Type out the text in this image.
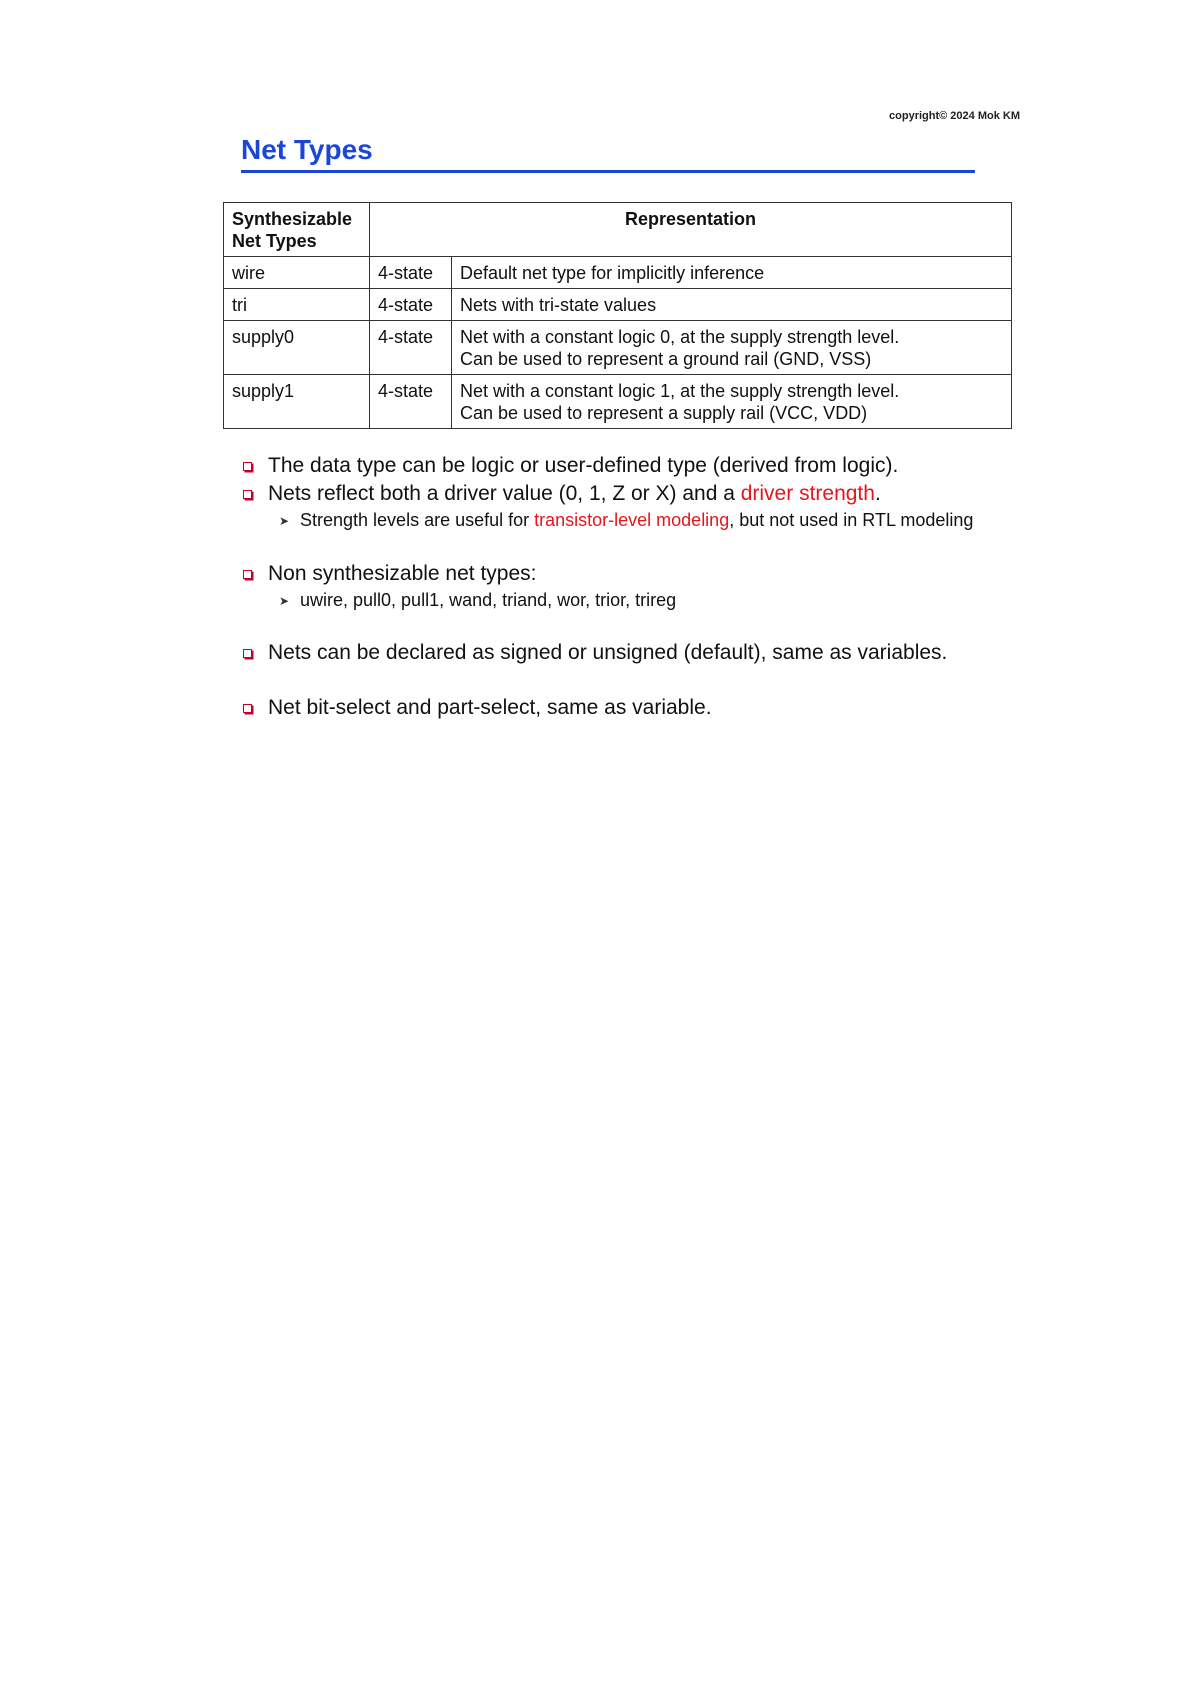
copyright© 2024 Mok KM
Net Types
Synthesizable Net Types	Representation	
wire	4-state	Default net type for implicitly inference

tri	4-state	Nets with tri-state values

supply0	4-state	Net with a constant logic 0, at the supply strength level.
Can be used to represent a ground rail (GND, VSS)

supply1	4-state	Net with a constant logic 1, at the supply strength level.
Can be used to represent a supply rail (VCC, VDD)
The data type can be logic or user-defined type (derived from logic).
Nets reflect both a driver value (0, 1, Z or X) and a driver strength.
➤ Strength levels are useful for transistor-level modeling, but not used in RTL modeling
Non synthesizable net types:
➤ uwire, pull0, pull1, wand, triand, wor, trior, trireg
Nets can be declared as signed or unsigned (default), same as variables.
Net bit-select and part-select, same as variable.
